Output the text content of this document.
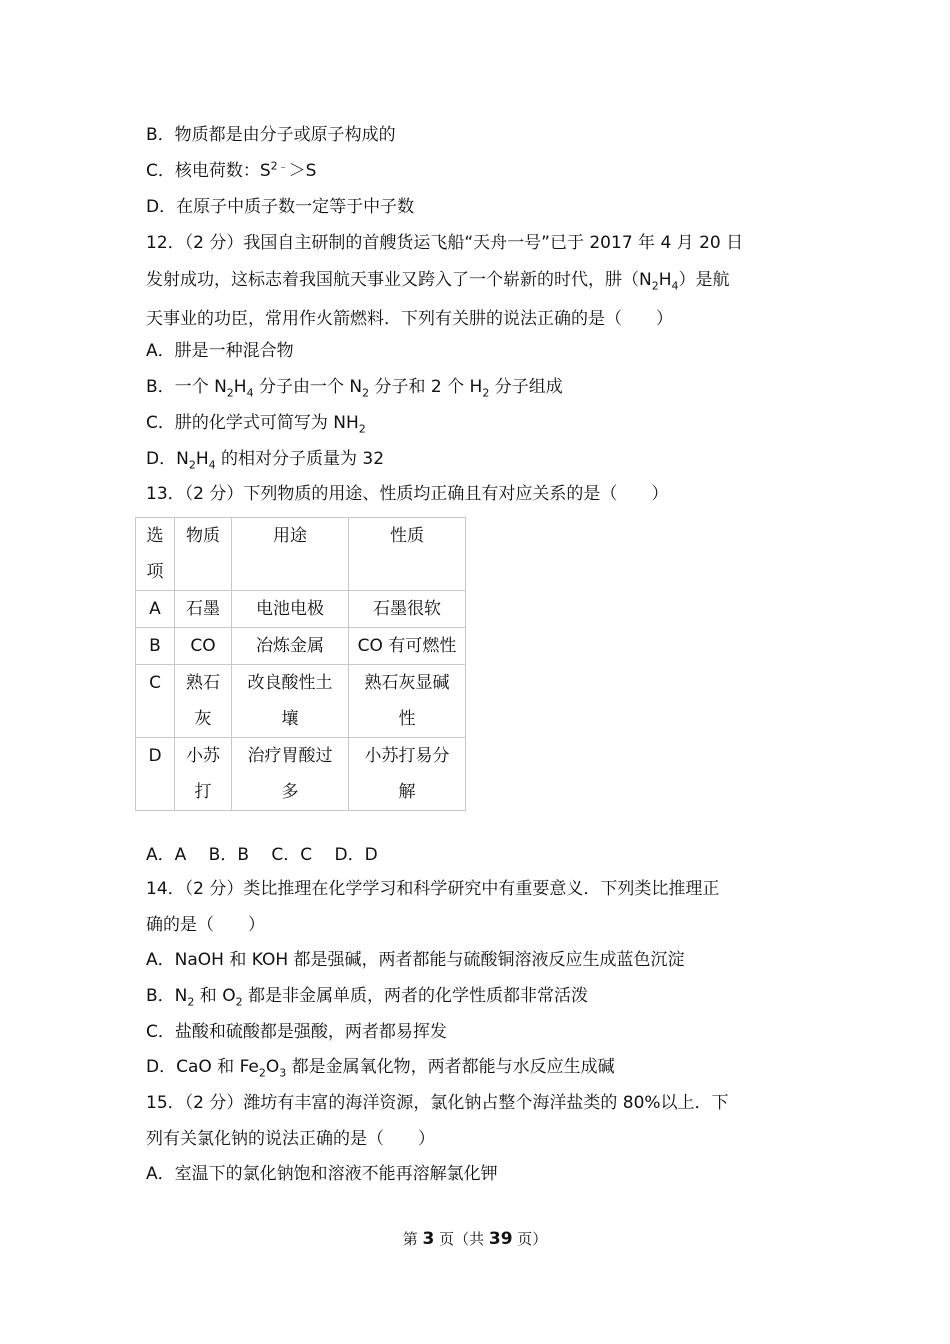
B．物质都是由分子或原子构成的
C．核电荷数：$S^{2﹣}>S$
D．在原子中质子数一定等于中子数
12．（2 分）我国自主研制的首艘货运飞船“天舟一号”已于 2017 年 4 月 20 日
发射成功，这标志着我国航天事业又跨入了一个崭新的时代，肼$(N_2H_4)$是航
天事业的功臣，常用作火箭燃料．下列有关肼的说法正确的是（　　）
A．肼是一种混合物
B．一个 $N_2H_4$ 分子由一个 $N_2$ 分子和 2 个 $H_2$ 分子组成
C．肼的化学式可简写为 $NH_2$
D．$N_2H_4$ 的相对分子质量为 32
13．（2 分）下列物质的用途、性质均正确且有对应关系的是（　　）
选项	物质	用途	性质
A	石墨	电池电极	石墨很软
B	CO	冶炼金属	CO 有可燃性
C	熟石灰	改良酸性土壤	熟石灰显碱性
D	小苏打	治疗胃酸过多	小苏打易分解
A．A　 B．B　 C．C　 D．D
14．（2 分）类比推理在化学学习和科学研究中有重要意义．下列类比推理正
确的是（　　）
A．NaOH 和 KOH 都是强碱，两者都能与硫酸铜溶液反应生成蓝色沉淀
B．$N_2$ 和 $O_2$ 都是非金属单质，两者的化学性质都非常活泼
C．盐酸和硫酸都是强酸，两者都易挥发
D．CaO 和 $Fe_2O_3$ 都是金属氧化物，两者都能与水反应生成碱
15．（2 分）潍坊有丰富的海洋资源，氯化钠占整个海洋盐类的 80%以上．下
列有关氯化钠的说法正确的是（　　）
A．室温下的氯化钠饱和溶液不能再溶解氯化钾
第 3 页（共 39 页）
